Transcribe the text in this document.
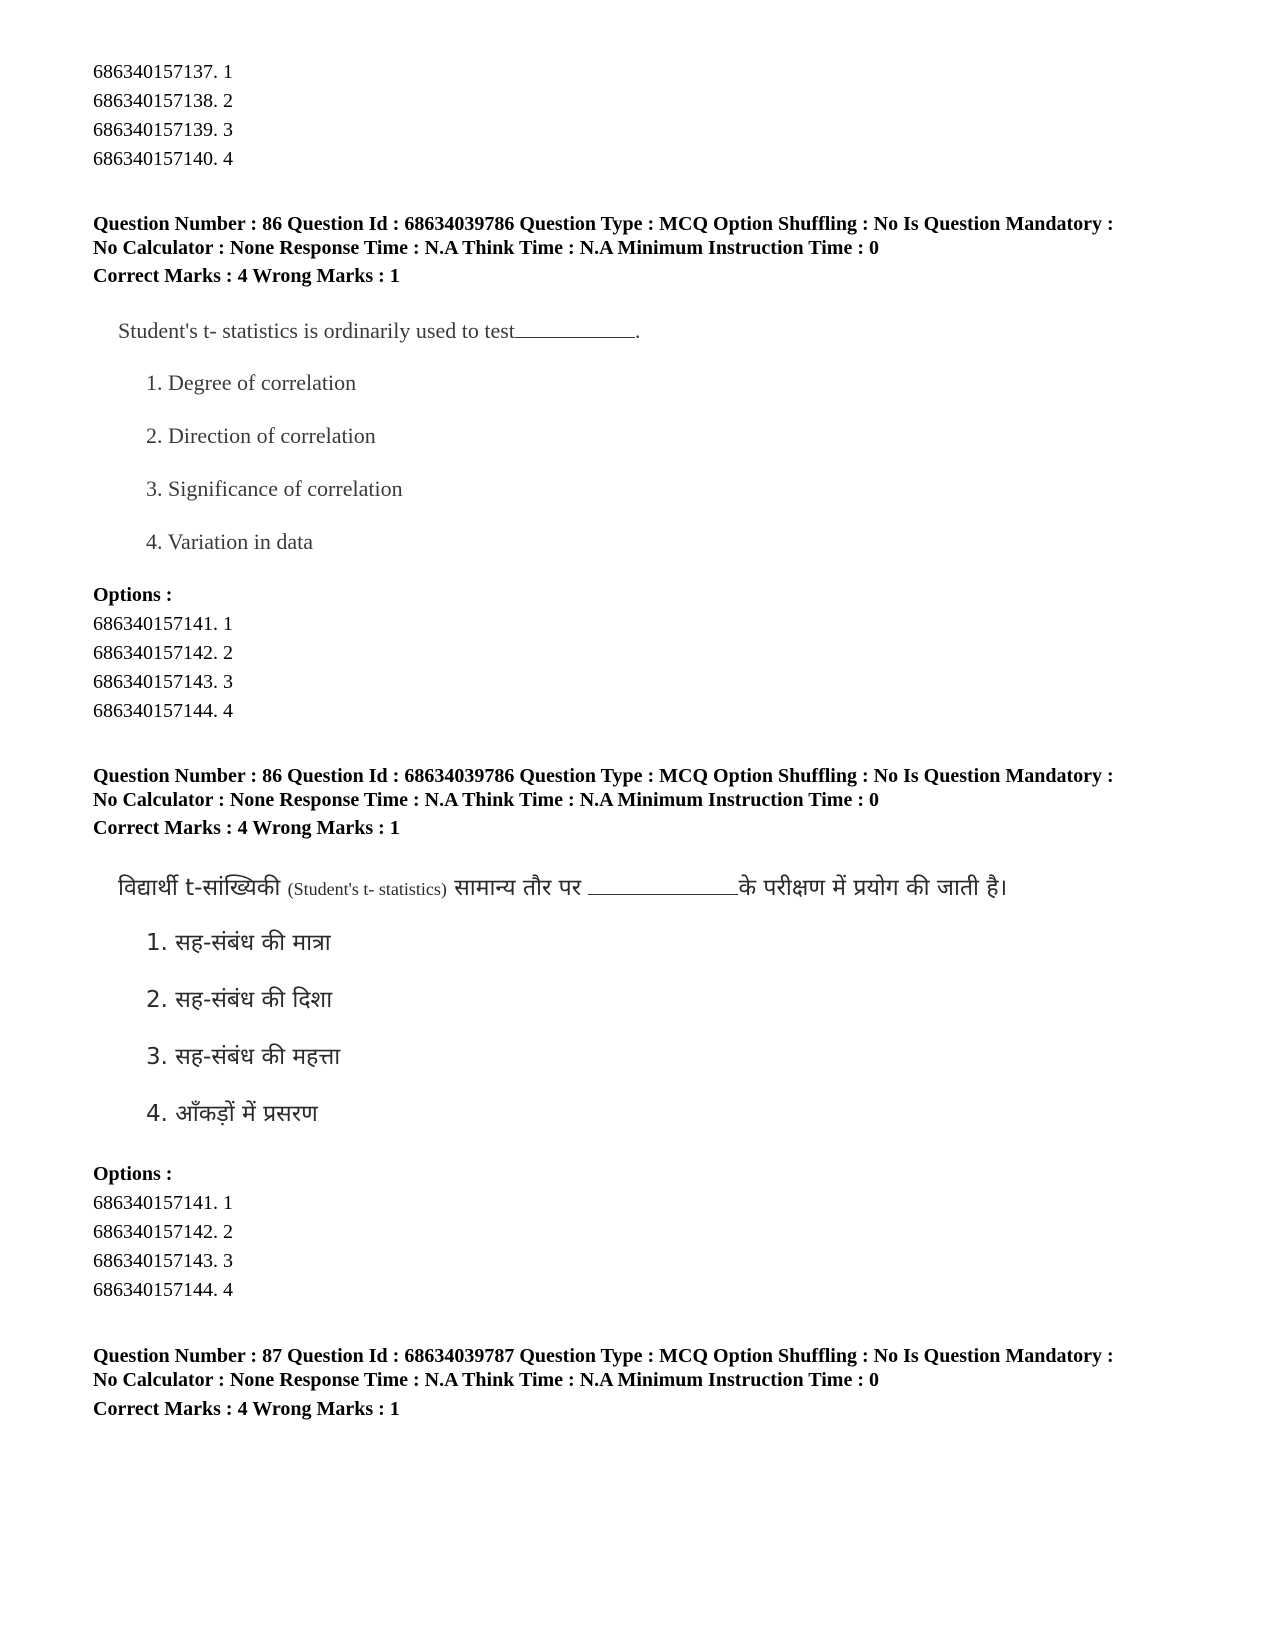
686340157137. 1
686340157138. 2
686340157139. 3
686340157140. 4
Question Number : 86 Question Id : 68634039786 Question Type : MCQ Option Shuffling : No Is Question Mandatory :
No Calculator : None Response Time : N.A Think Time : N.A Minimum Instruction Time : 0
Correct Marks : 4 Wrong Marks : 1
Student's t- statistics is ordinarily used to test	.
1. Degree of correlation
2. Direction of correlation
3. Significance of correlation
4. Variation in data
Options :
686340157141. 1
686340157142. 2
686340157143. 3
686340157144. 4
Question Number : 86 Question Id : 68634039786 Question Type : MCQ Option Shuffling : No Is Question Mandatory :
No Calculator : None Response Time : N.A Think Time : N.A Minimum Instruction Time : 0
Correct Marks : 4 Wrong Marks : 1
विद्यार्थी t-सांख्यिकी (Student's t- statistics) सामान्य तौर पर	के परीक्षण में प्रयोग की जाती है।
1. सह-संबंध की मात्रा
2. सह-संबंध की दिशा
3. सह-संबंध की महत्ता
4. आँकड़ों में प्रसरण
Options :
686340157141. 1
686340157142. 2
686340157143. 3
686340157144. 4
Question Number : 87 Question Id : 68634039787 Question Type : MCQ Option Shuffling : No Is Question Mandatory :
No Calculator : None Response Time : N.A Think Time : N.A Minimum Instruction Time : 0
Correct Marks : 4 Wrong Marks : 1
